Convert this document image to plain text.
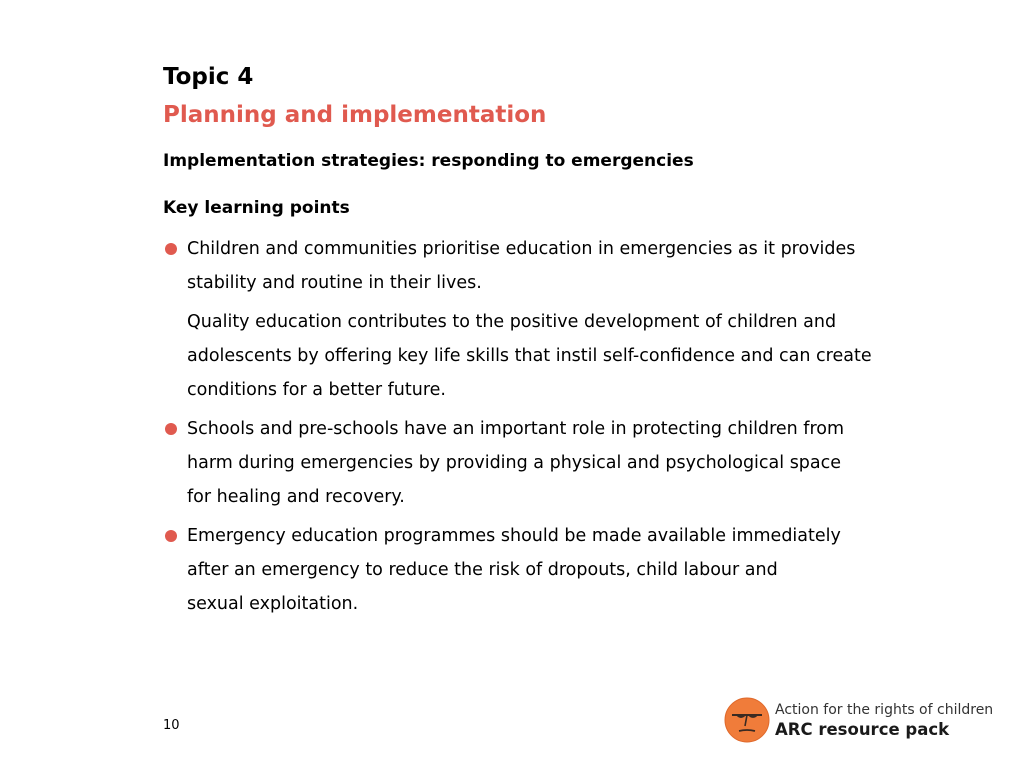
Topic 4
Planning and implementation
Implementation strategies: responding to emergencies
Key learning points
Children and communities prioritise education in emergencies as it provides
stability and routine in their lives.
Quality education contributes to the positive development of children and
adolescents by offering key life skills that instil self-confidence and can create
conditions for a better future.
Schools and pre-schools have an important role in protecting children from
harm during emergencies by providing a physical and psychological space
for healing and recovery.
Emergency education programmes should be made available immediately
after an emergency to reduce the risk of dropouts, child labour and
sexual exploitation.
10
Action for the rights of children
ARC resource pack
